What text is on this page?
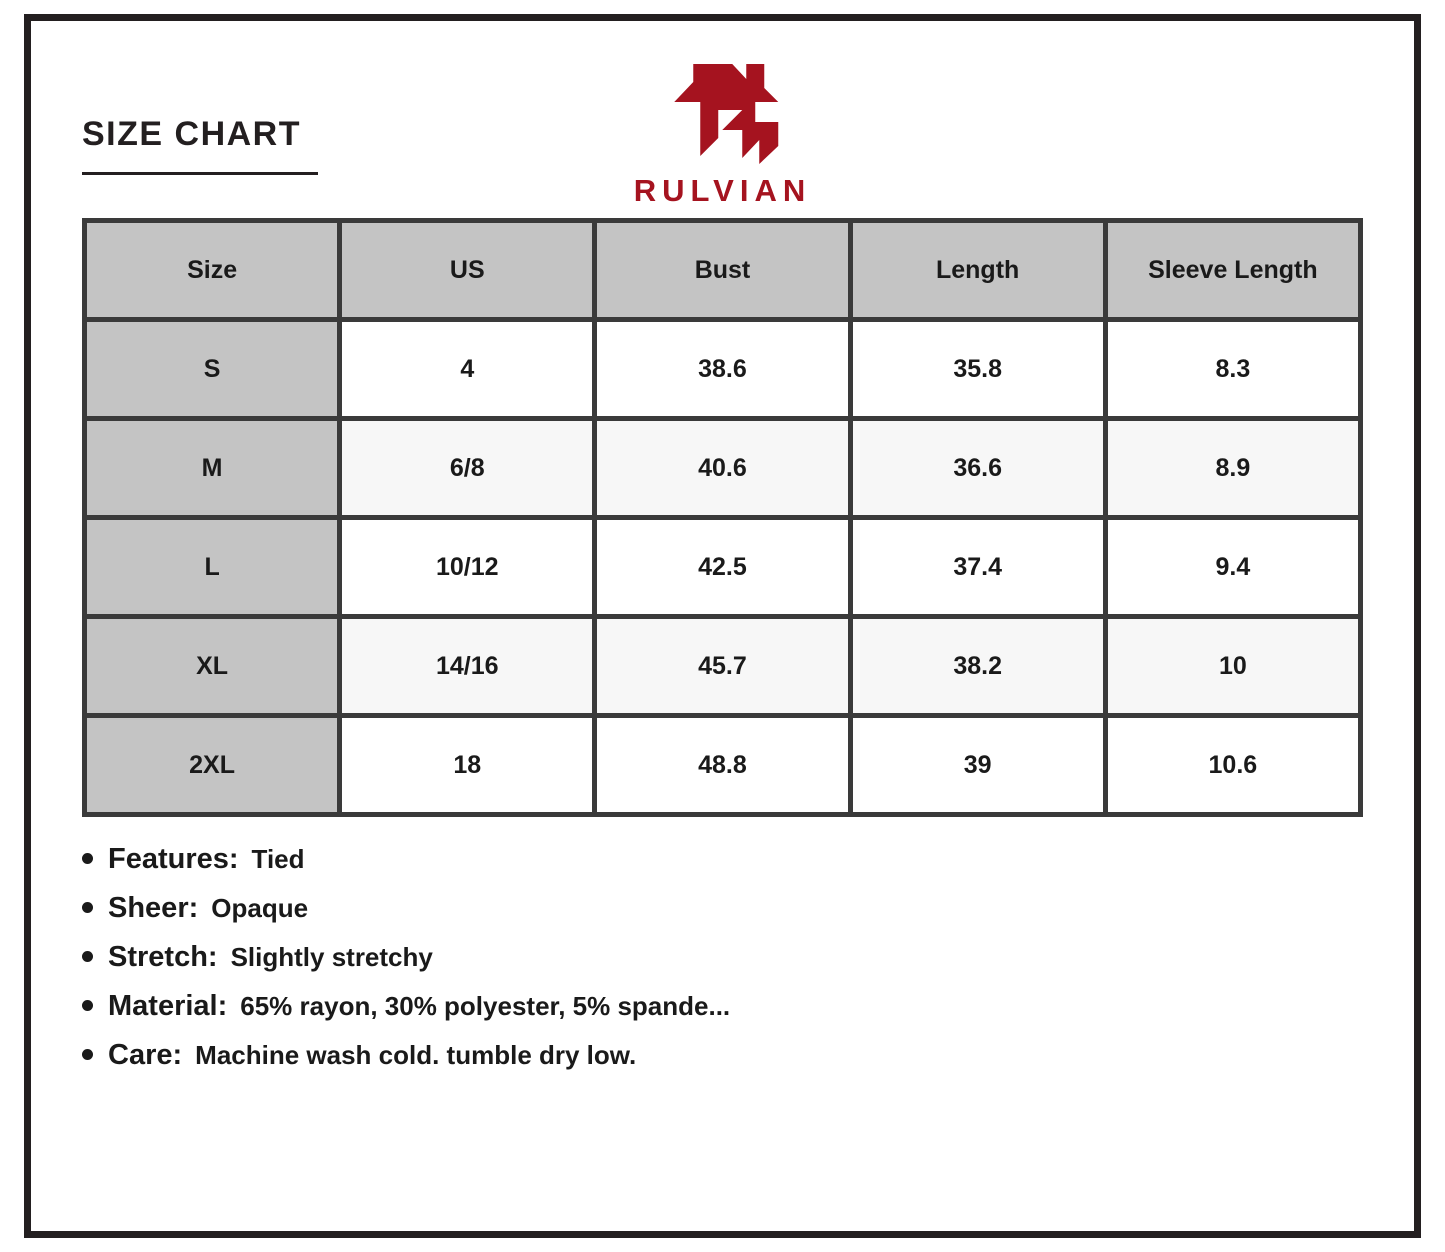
SIZE CHART
RULVIAN
Size	US	Bust	Length	Sleeve Length
S	4	38.6	35.8	8.3
M	6/8	40.6	36.6	8.9
L	10/12	42.5	37.4	9.4
XL	14/16	45.7	38.2	10
2XL	18	48.8	39	10.6
Features: Tied
Sheer: Opaque
Stretch: Slightly stretchy
Material: 65% rayon, 30% polyester, 5% spande...
Care: Machine wash cold. tumble dry low.
